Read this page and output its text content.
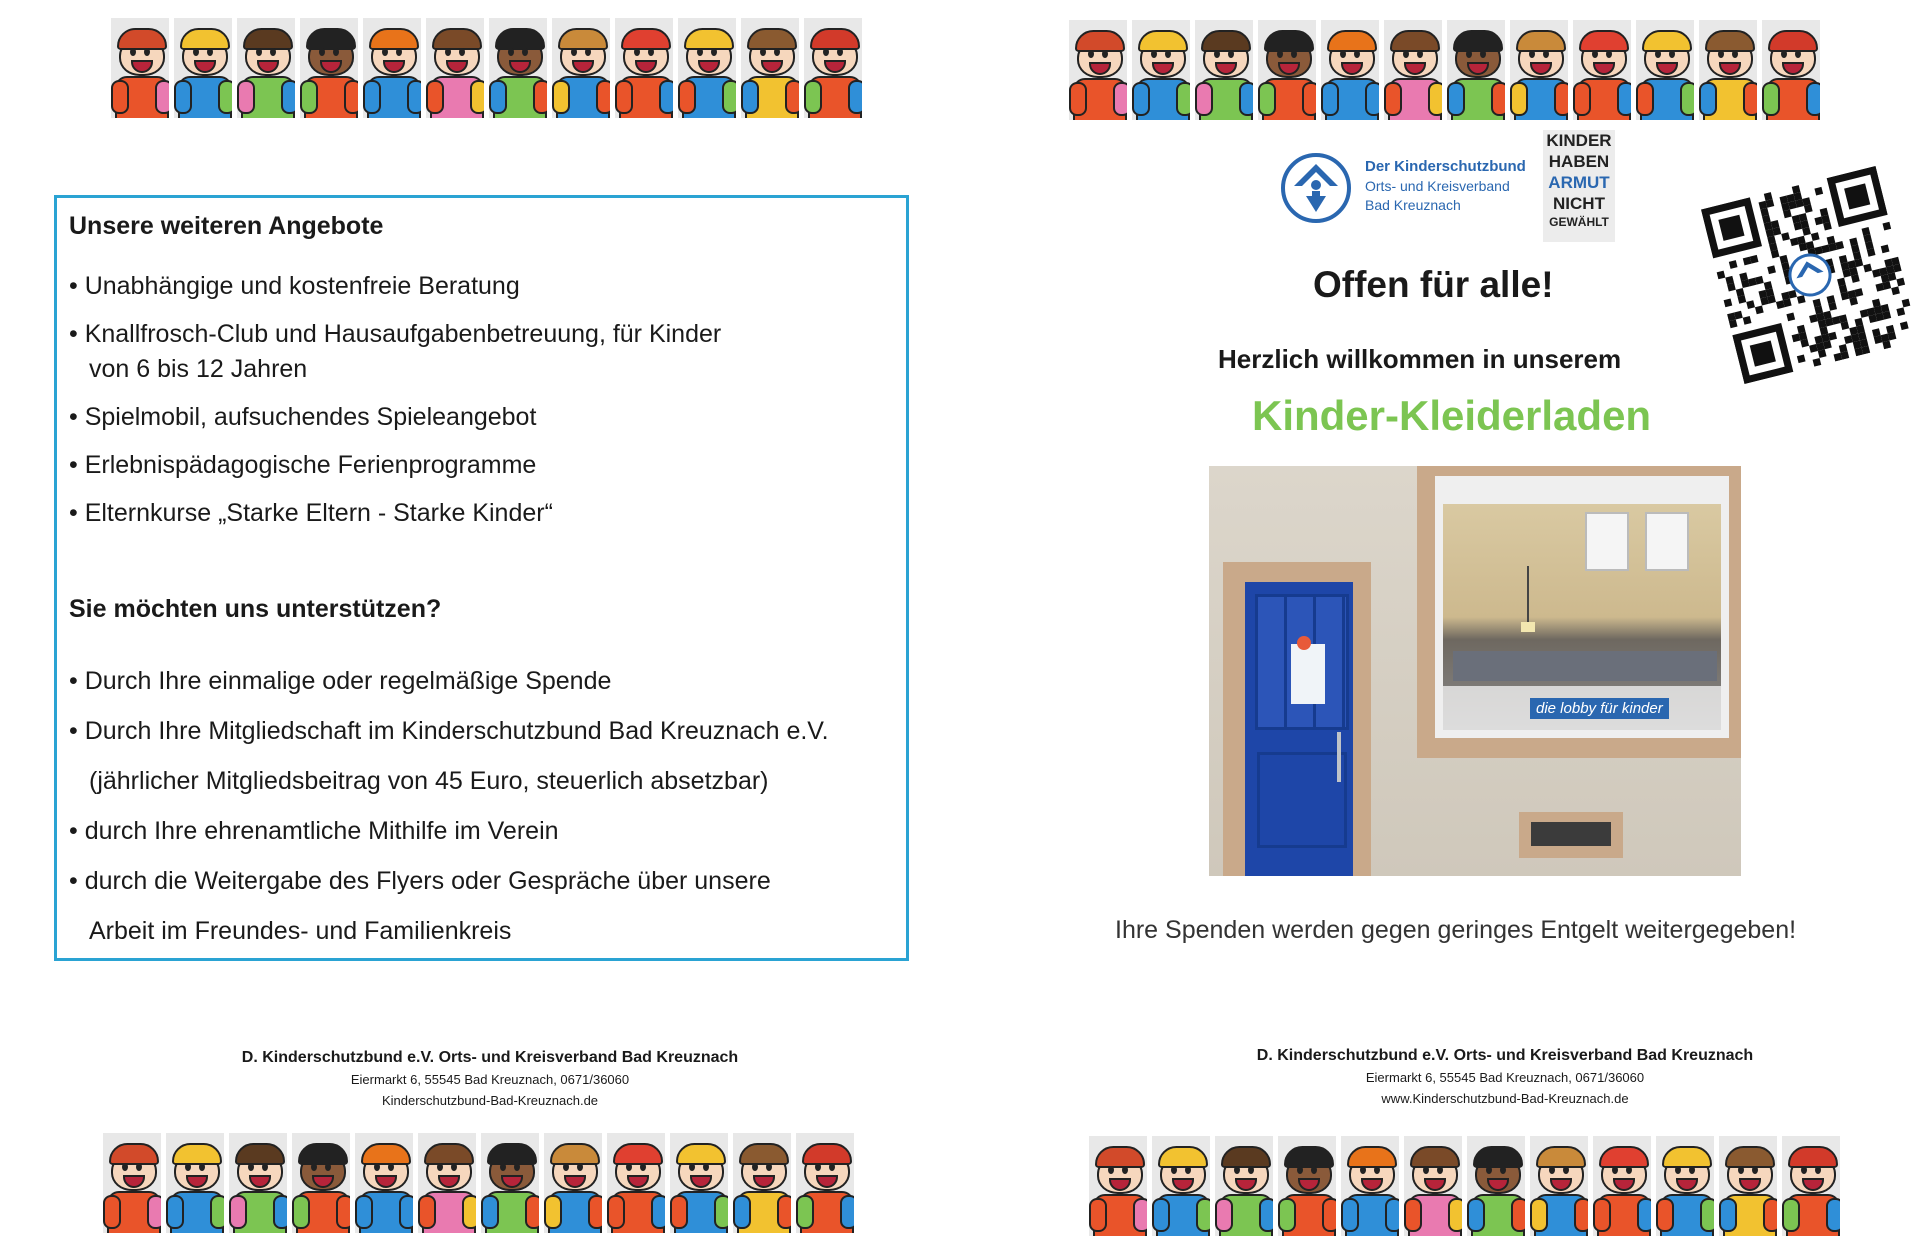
Unsere weiteren Angebote
• Unabhängige und kostenfreie Beratung
• Knallfrosch-Club und Hausaufgabenbetreuung, für Kinder
von 6 bis 12 Jahren
• Spielmobil, aufsuchendes Spieleangebot
• Erlebnispädagogische Ferienprogramme
• Elternkurse „Starke Eltern - Starke Kinder“
Sie möchten uns unterstützen?
• Durch Ihre einmalige oder regelmäßige Spende
• Durch Ihre Mitgliedschaft im Kinderschutzbund Bad Kreuznach e.V.
(jährlicher Mitgliedsbeitrag von 45 Euro, steuerlich absetzbar)
• durch Ihre ehrenamtliche Mithilfe im Verein
• durch die Weitergabe des Flyers oder Gespräche über unsere
Arbeit im Freundes- und Familienkreis
D. Kinderschutzbund e.V. Orts- und Kreisverband Bad Kreuznach
Eiermarkt 6, 55545 Bad Kreuznach, 0671/36060
Kinderschutzbund-Bad-Kreuznach.de
Der Kinderschutzbund
Orts- und Kreisverband
Bad Kreuznach
KINDER
HABEN
ARMUT
NICHT
GEWÄHLT
Offen für alle!
Herzlich willkommen in unserem
Kinder-Kleiderladen
die lobby für kinder
Ihre Spenden werden gegen geringes Entgelt weitergegeben!
D. Kinderschutzbund e.V. Orts- und Kreisverband Bad Kreuznach
Eiermarkt 6, 55545 Bad Kreuznach, 0671/36060
www.Kinderschutzbund-Bad-Kreuznach.de
